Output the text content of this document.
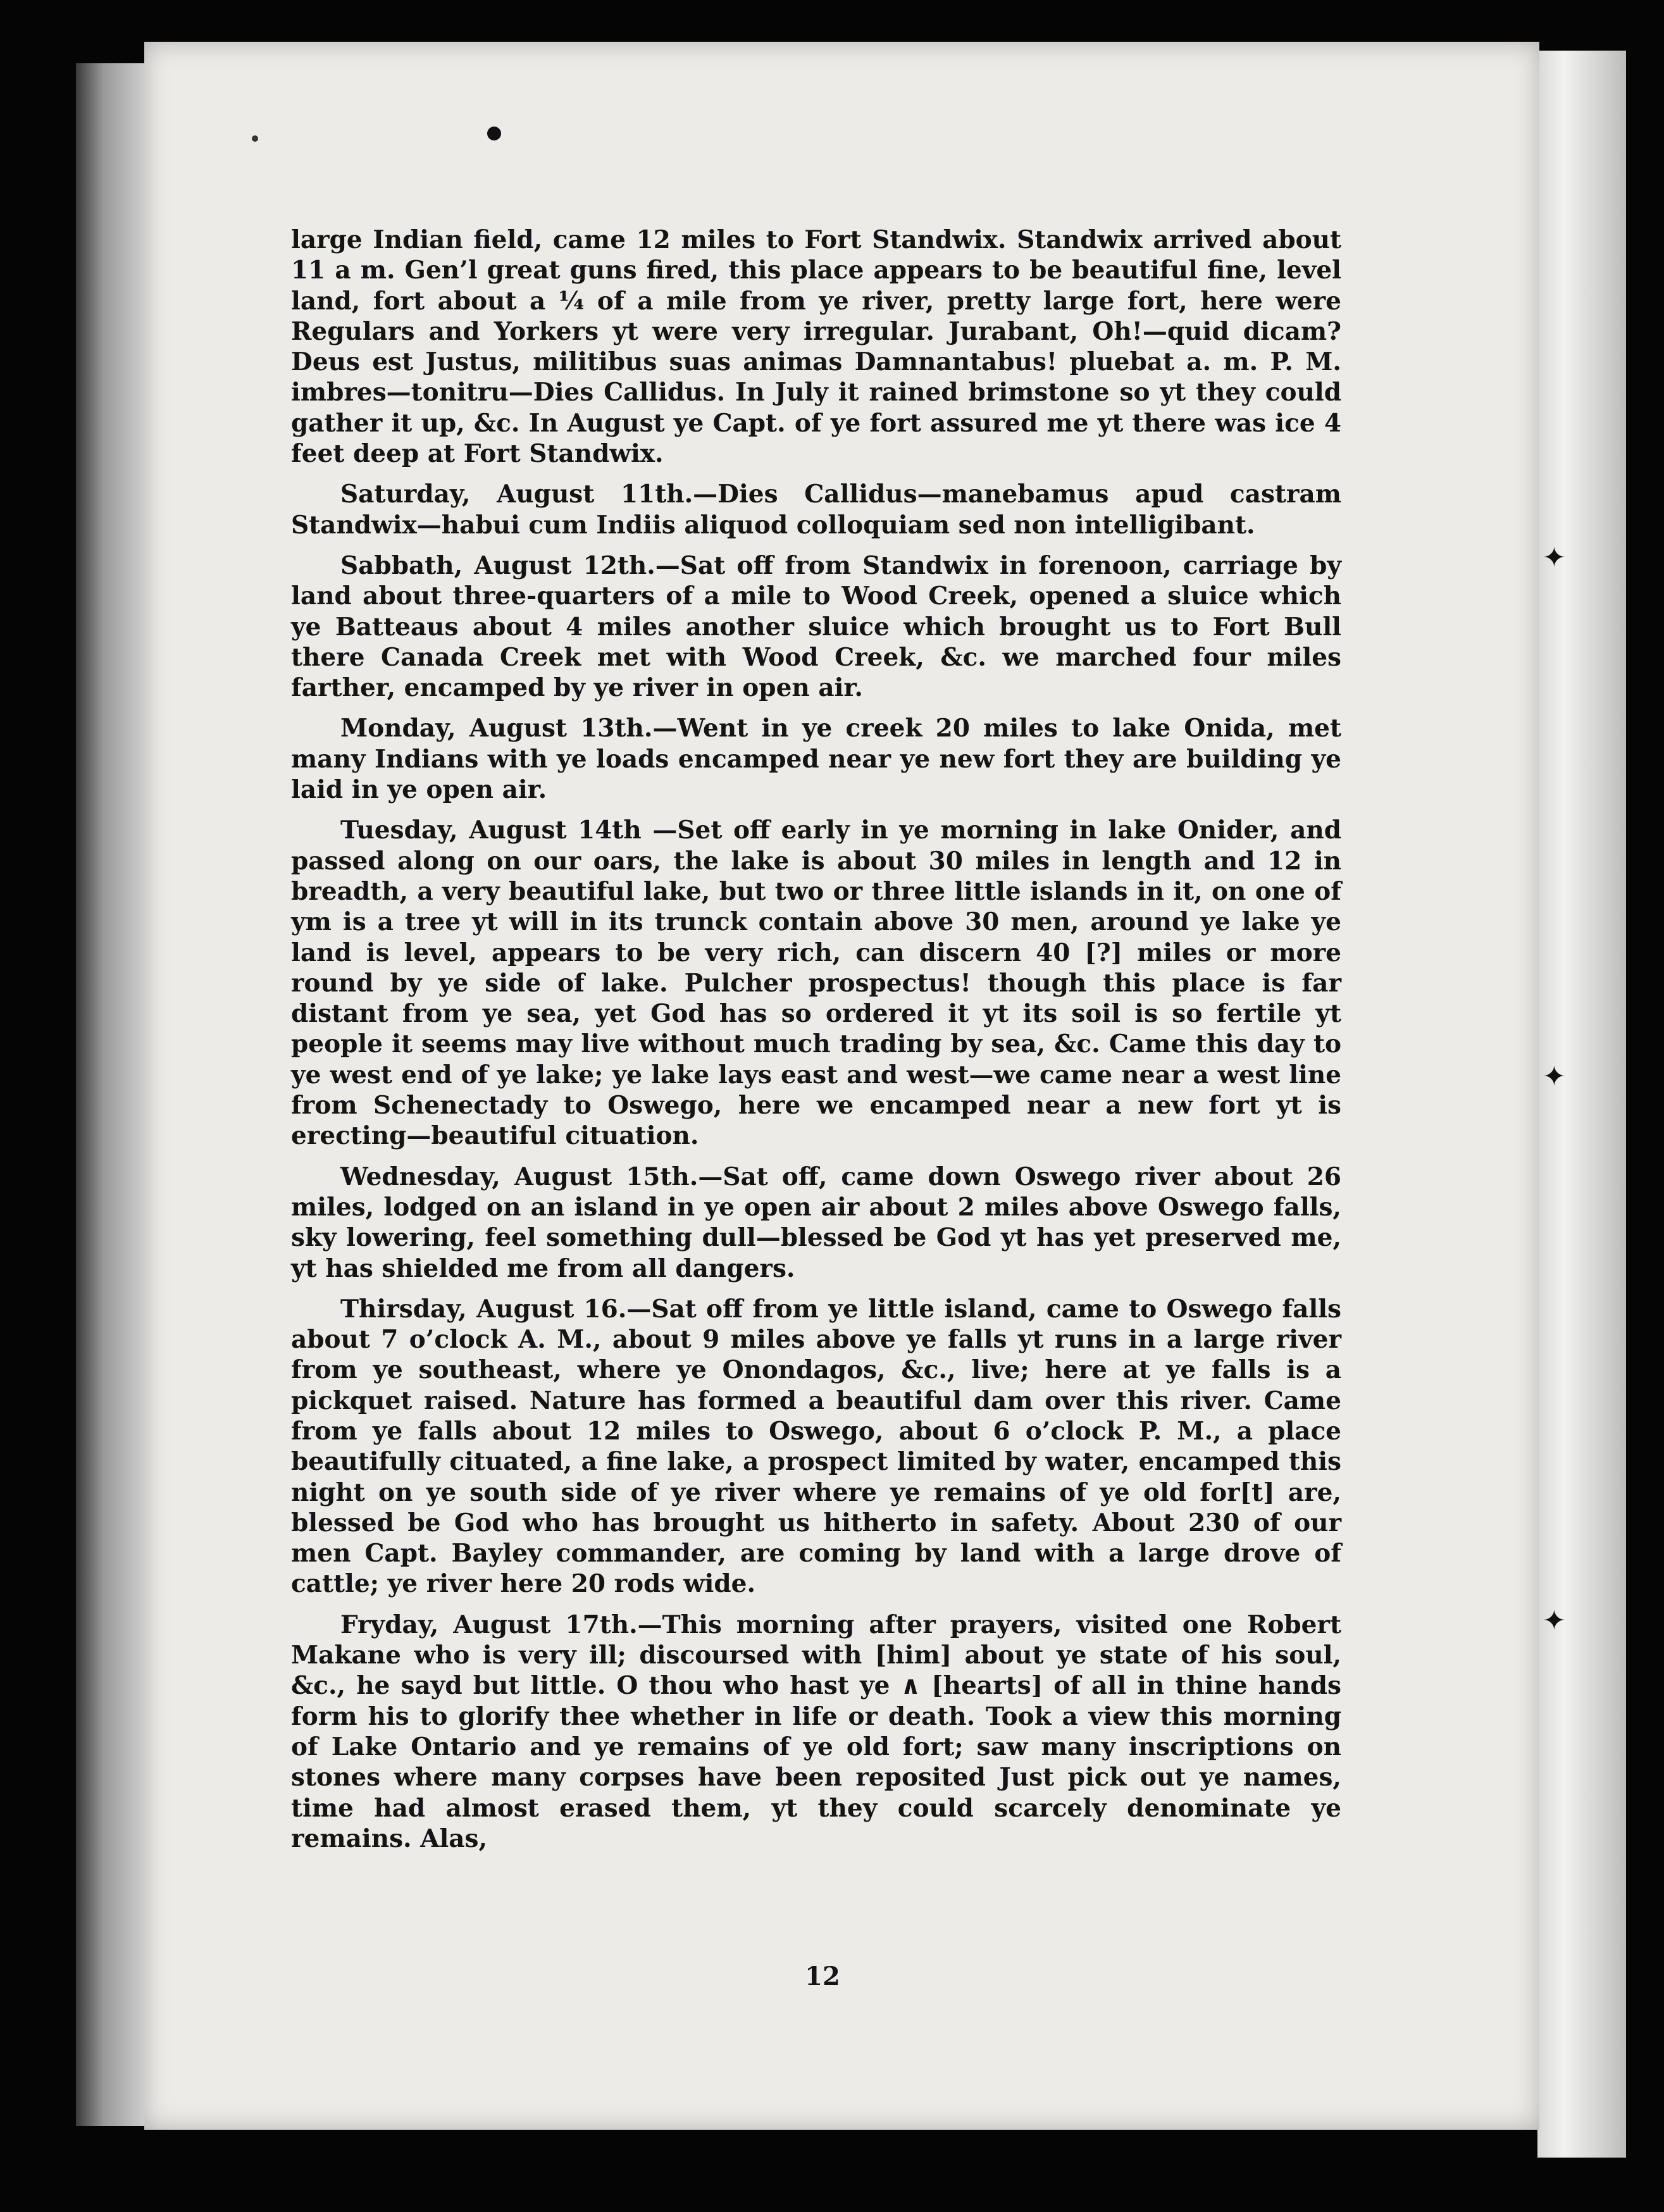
✦
✦
✦

large Indian field, came 12 miles to Fort Standwix. Standwix arrived about 11 a m. Gen’l great guns fired, this place appears to be beautiful fine, level land, fort about a ¼ of a mile from ye river, pretty large fort, here were Regulars and Yorkers yt were very irregular. Jurabant, Oh!—quid dicam? Deus est Justus, militibus suas animas Damnantabus! pluebat a. m. P. M. imbres—tonitru—Dies Callidus. In July it rained brimstone so yt they could gather it up, &c. In August ye Capt. of ye fort assured me yt there was ice 4 feet deep at Fort Standwix.

Saturday, August 11th.—Dies Callidus—manebamus apud castram Standwix—habui cum Indiis aliquod colloquiam sed non intelligibant.

Sabbath, August 12th.—Sat off from Standwix in forenoon, carriage by land about three-quarters of a mile to Wood Creek, opened a sluice which ye Batteaus about 4 miles another sluice which brought us to Fort Bull there Canada Creek met with Wood Creek, &c. we marched four miles farther, encamped by ye river in open air.

Monday, August 13th.—Went in ye creek 20 miles to lake Onida, met many Indians with ye loads encamped near ye new fort they are building ye laid in ye open air.

Tuesday, August 14th —Set off early in ye morning in lake Onider, and passed along on our oars, the lake is about 30 miles in length and 12 in breadth, a very beautiful lake, but two or three little islands in it, on one of ym is a tree yt will in its trunck contain above 30 men, around ye lake ye land is level, appears to be very rich, can discern 40 [?] miles or more round by ye side of lake. Pulcher prospectus! though this place is far distant from ye sea, yet God has so ordered it yt its soil is so fertile yt people it seems may live without much trading by sea, &c. Came this day to ye west end of ye lake; ye lake lays east and west—we came near a west line from Schenectady to Oswego, here we encamped near a new fort yt is erecting—beautiful cituation.

Wednesday, August 15th.—Sat off, came down Oswego river about 26 miles, lodged on an island in ye open air about 2 miles above Oswego falls, sky lowering, feel something dull—blessed be God yt has yet preserved me, yt has shielded me from all dangers.

Thirsday, August 16.—Sat off from ye little island, came to Oswego falls about 7 o’clock A. M., about 9 miles above ye falls yt runs in a large river from ye southeast, where ye Onondagos, &c., live; here at ye falls is a pickquet raised. Nature has formed a beautiful dam over this river. Came from ye falls about 12 miles to Oswego, about 6 o’clock P. M., a place beautifully cituated, a fine lake, a prospect limited by water, encamped this night on ye south side of ye river where ye remains of ye old for[t] are, blessed be God who has brought us hitherto in safety. About 230 of our men Capt. Bayley commander, are coming by land with a large drove of cattle; ye river here 20 rods wide.

Fryday, August 17th.—This morning after prayers, visited one Robert Makane who is very ill; discoursed with [him] about ye state of his soul, &c., he sayd but little. O thou who hast ye ∧ [hearts] of all in thine hands form his to glorify thee whether in life or death. Took a view this morning of Lake Ontario and ye remains of ye old fort; saw many inscriptions on stones where many corpses have been reposited Just pick out ye names, time had almost erased them, yt they could scarcely denominate ye remains. Alas,

12
